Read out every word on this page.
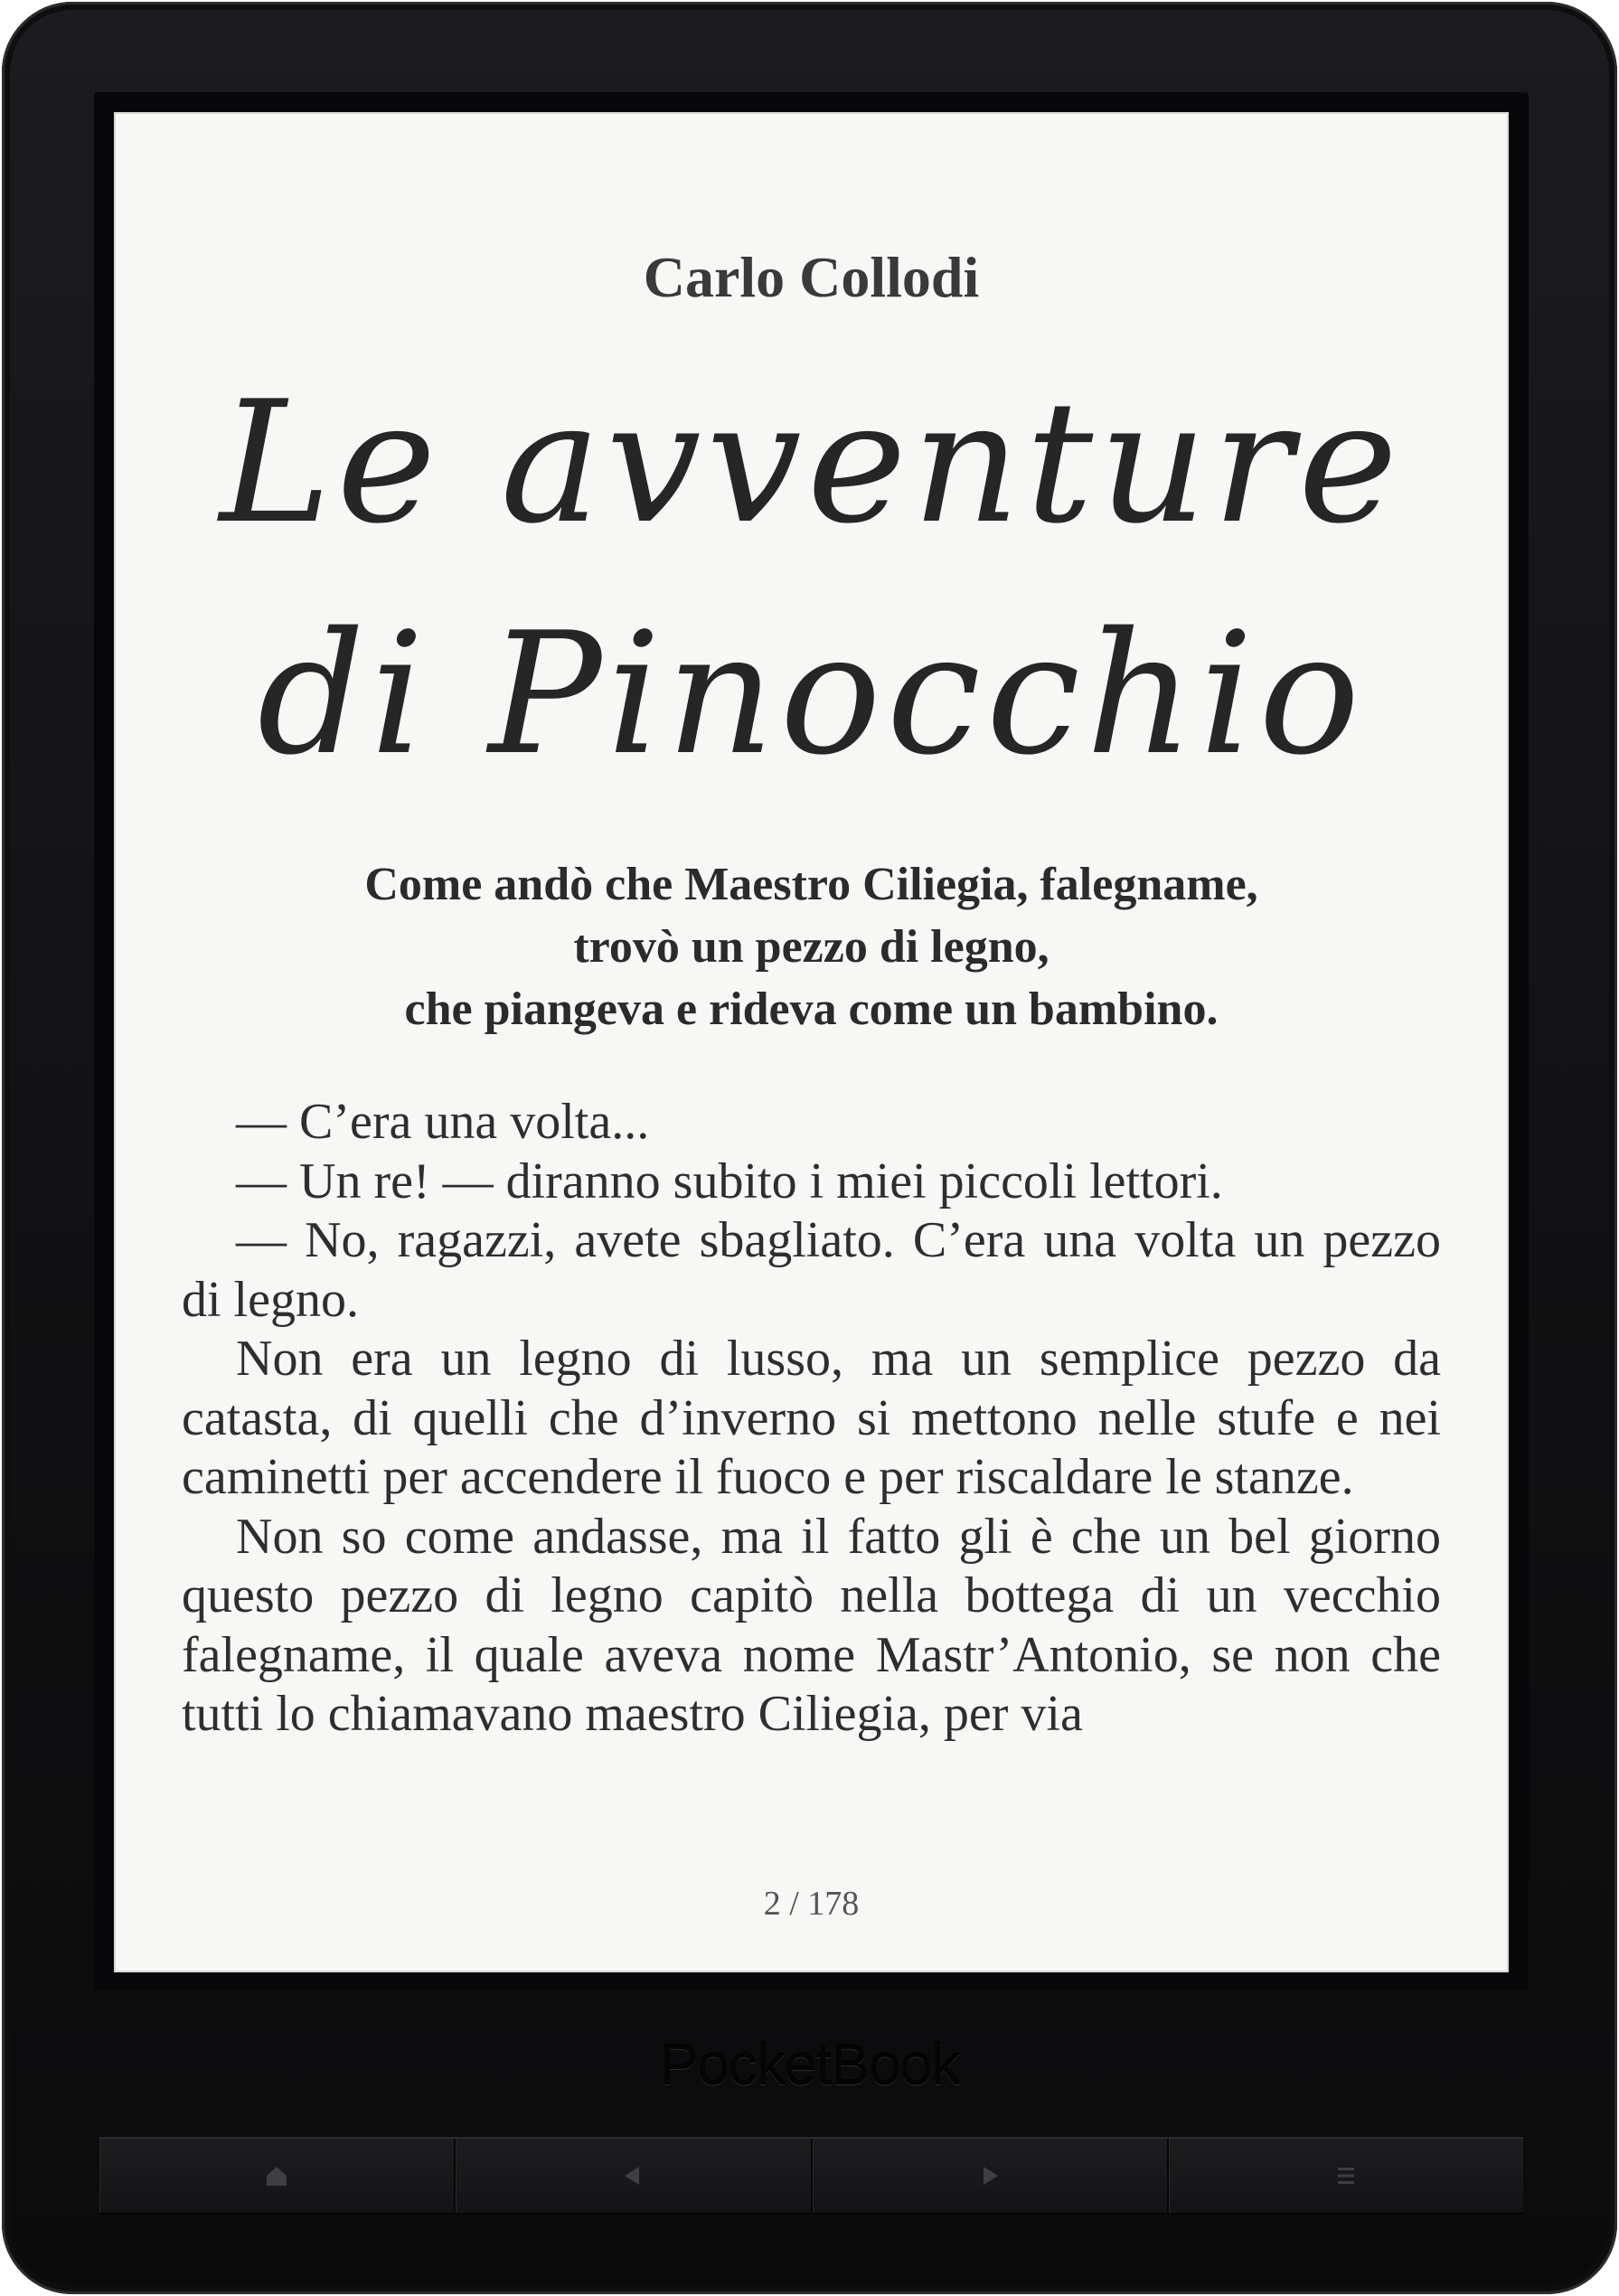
Carlo Collodi
Le avventure di Pinocchio
Come andò che Maestro Ciliegia, falegname,
trovò un pezzo di legno,
che piangeva e rideva come un bambino.

— C’era una volta...

— Un re! — diranno subito i miei piccoli lettori.

— No, ragazzi, avete sbagliato. C’era una volta un pezzo di legno.

Non era un legno di lusso, ma un semplice pezzo da catasta, di quelli che d’inverno si mettono nelle stufe e nei caminetti per accendere il fuoco e per riscaldare le stanze.

Non so come andasse, ma il fatto gli è che un bel giorno questo pezzo di legno capitò nella bottega di un vecchio falegname, il quale aveva nome Mastr’Antonio, se non che tutti lo chiamavano maestro Ciliegia, per via

2 / 178
PocketBook
